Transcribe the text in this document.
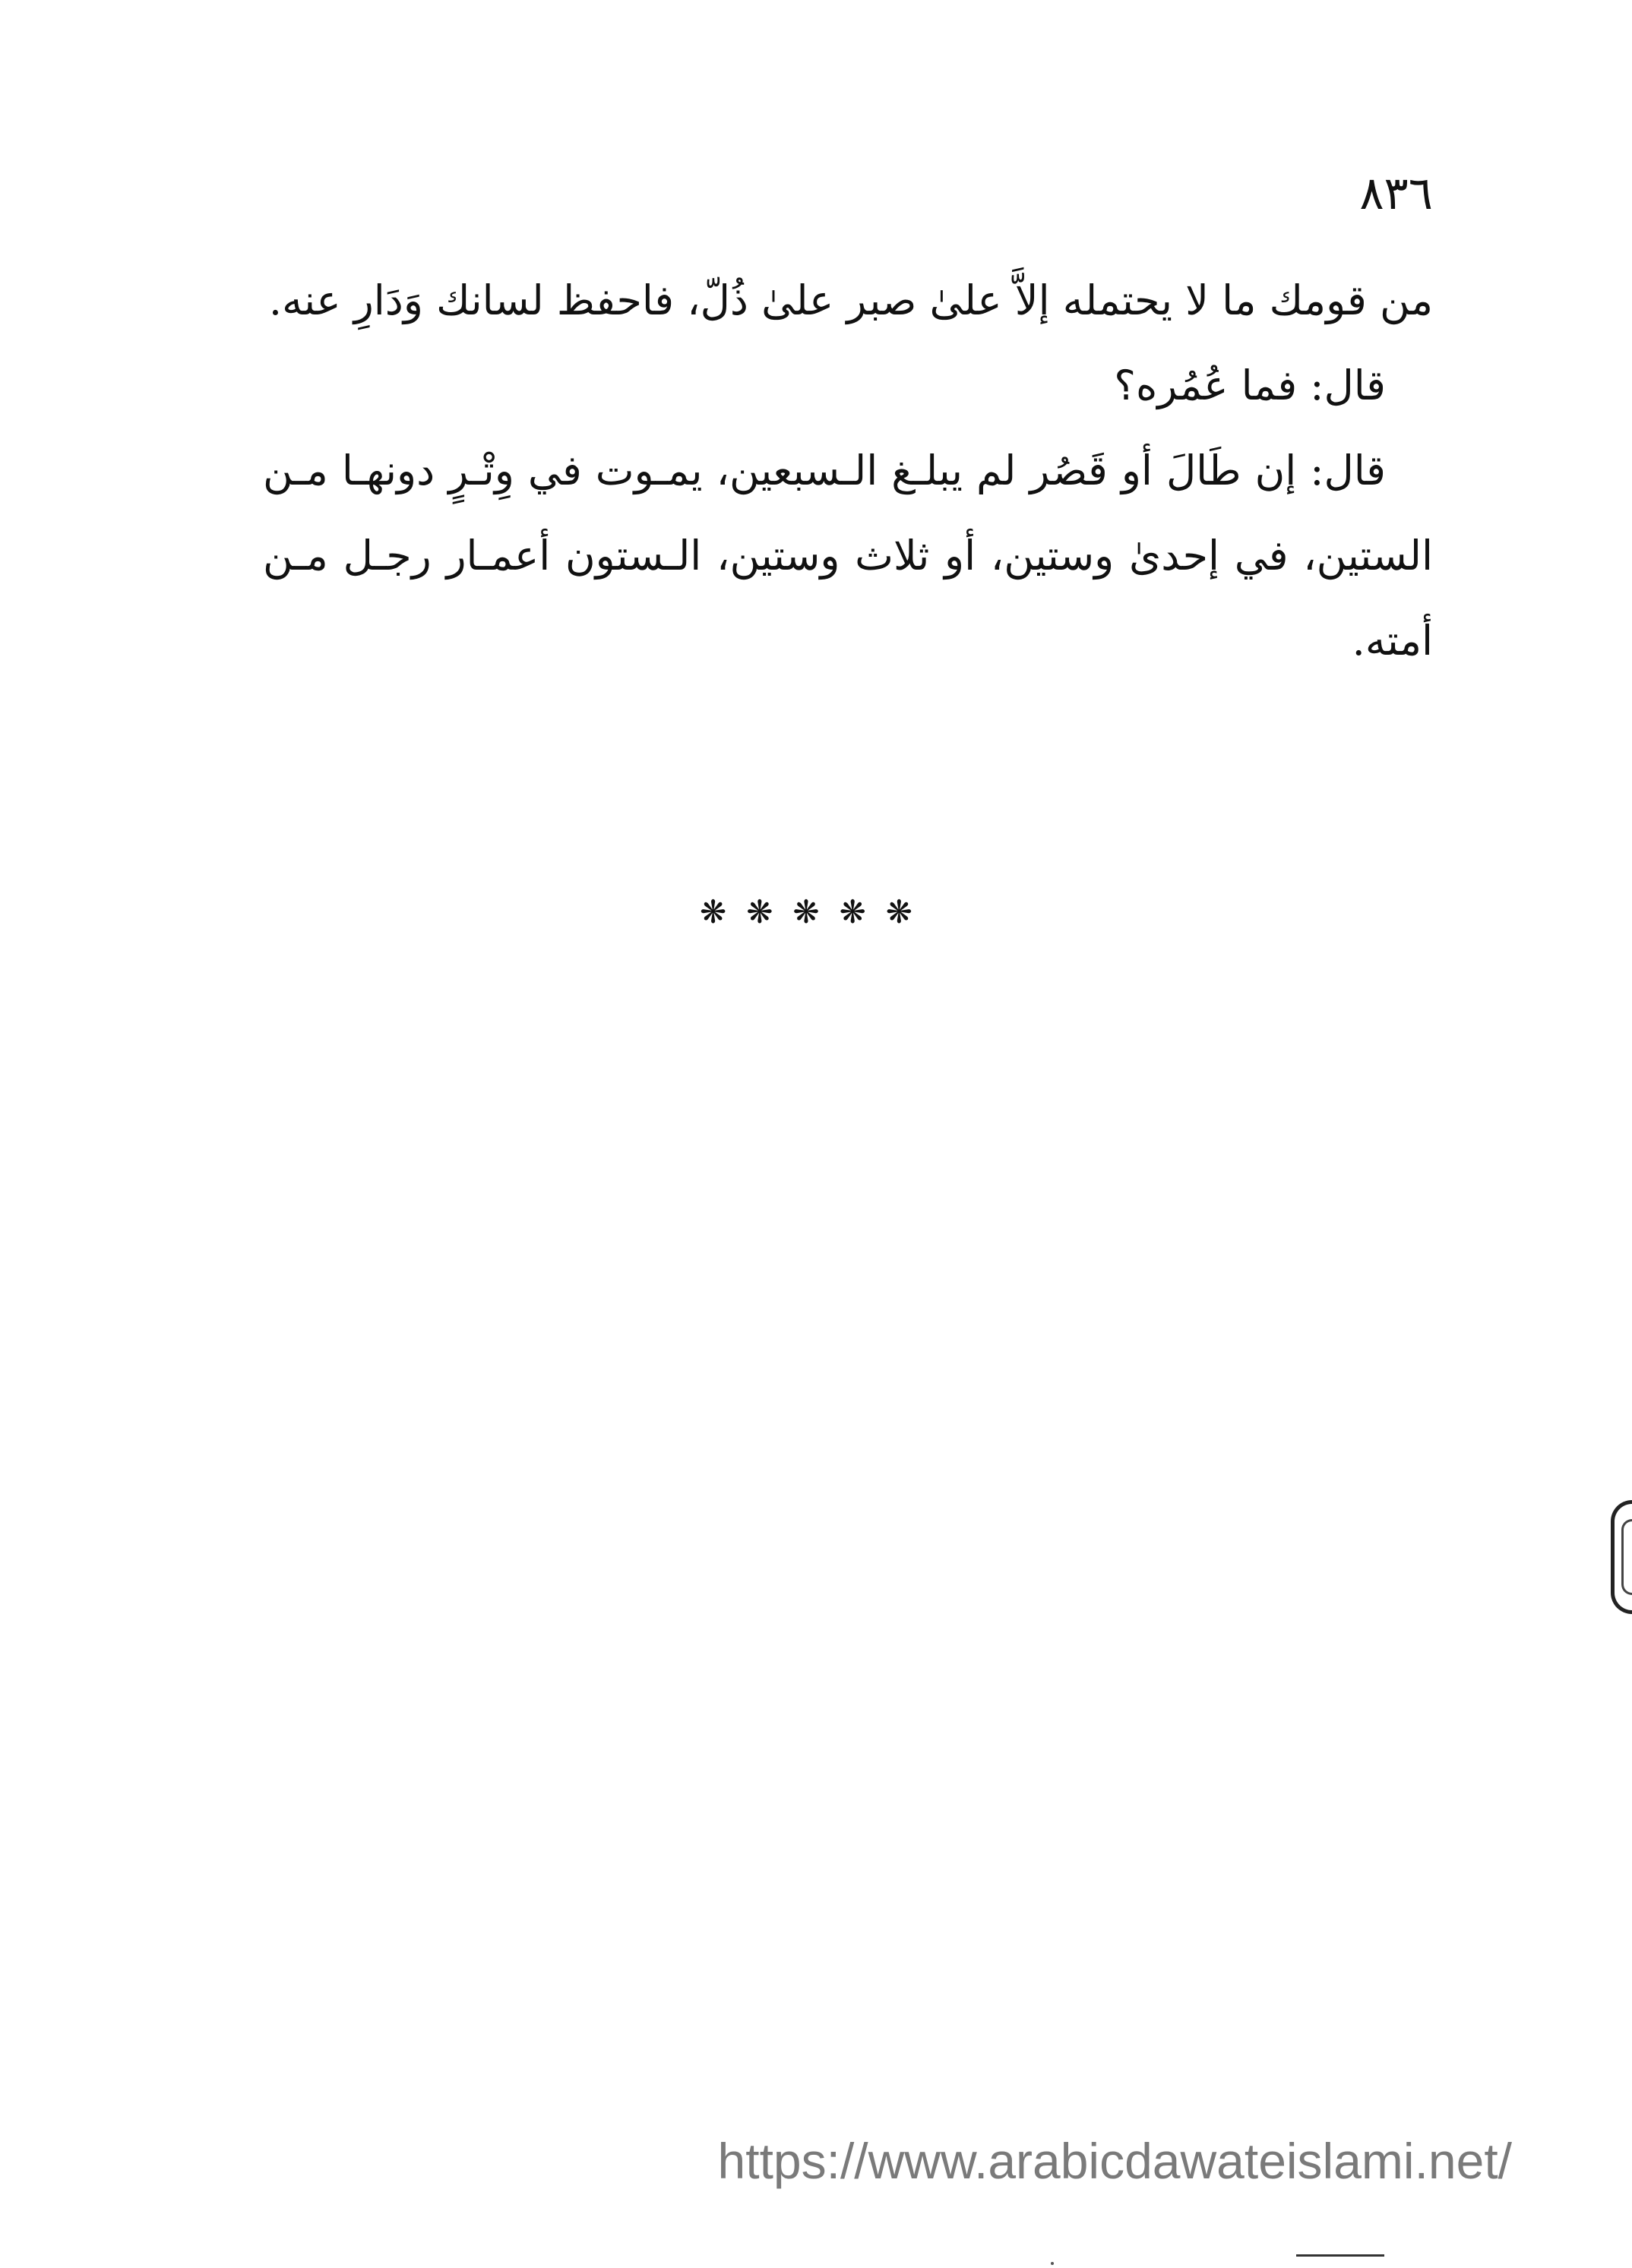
٨٣٦

من قومك ما لا يحتمله إلاَّ علىٰ صبر علىٰ ذُلّ، فاحفظ لسانك وَدَارِ عنه.

قال: فما عُمُره؟

قال: إن طَالَ أو قَصُر لم يبلـغ الـسبعين، يمـوت في وِتْـرٍ دونهـا مـن الستين، في إحدىٰ وستين، أو ثلاث وستين، الـستون أعمـار رجـل مـن أمته.

❋❋❋❋❋
https://www.arabicdawateislami.net/
